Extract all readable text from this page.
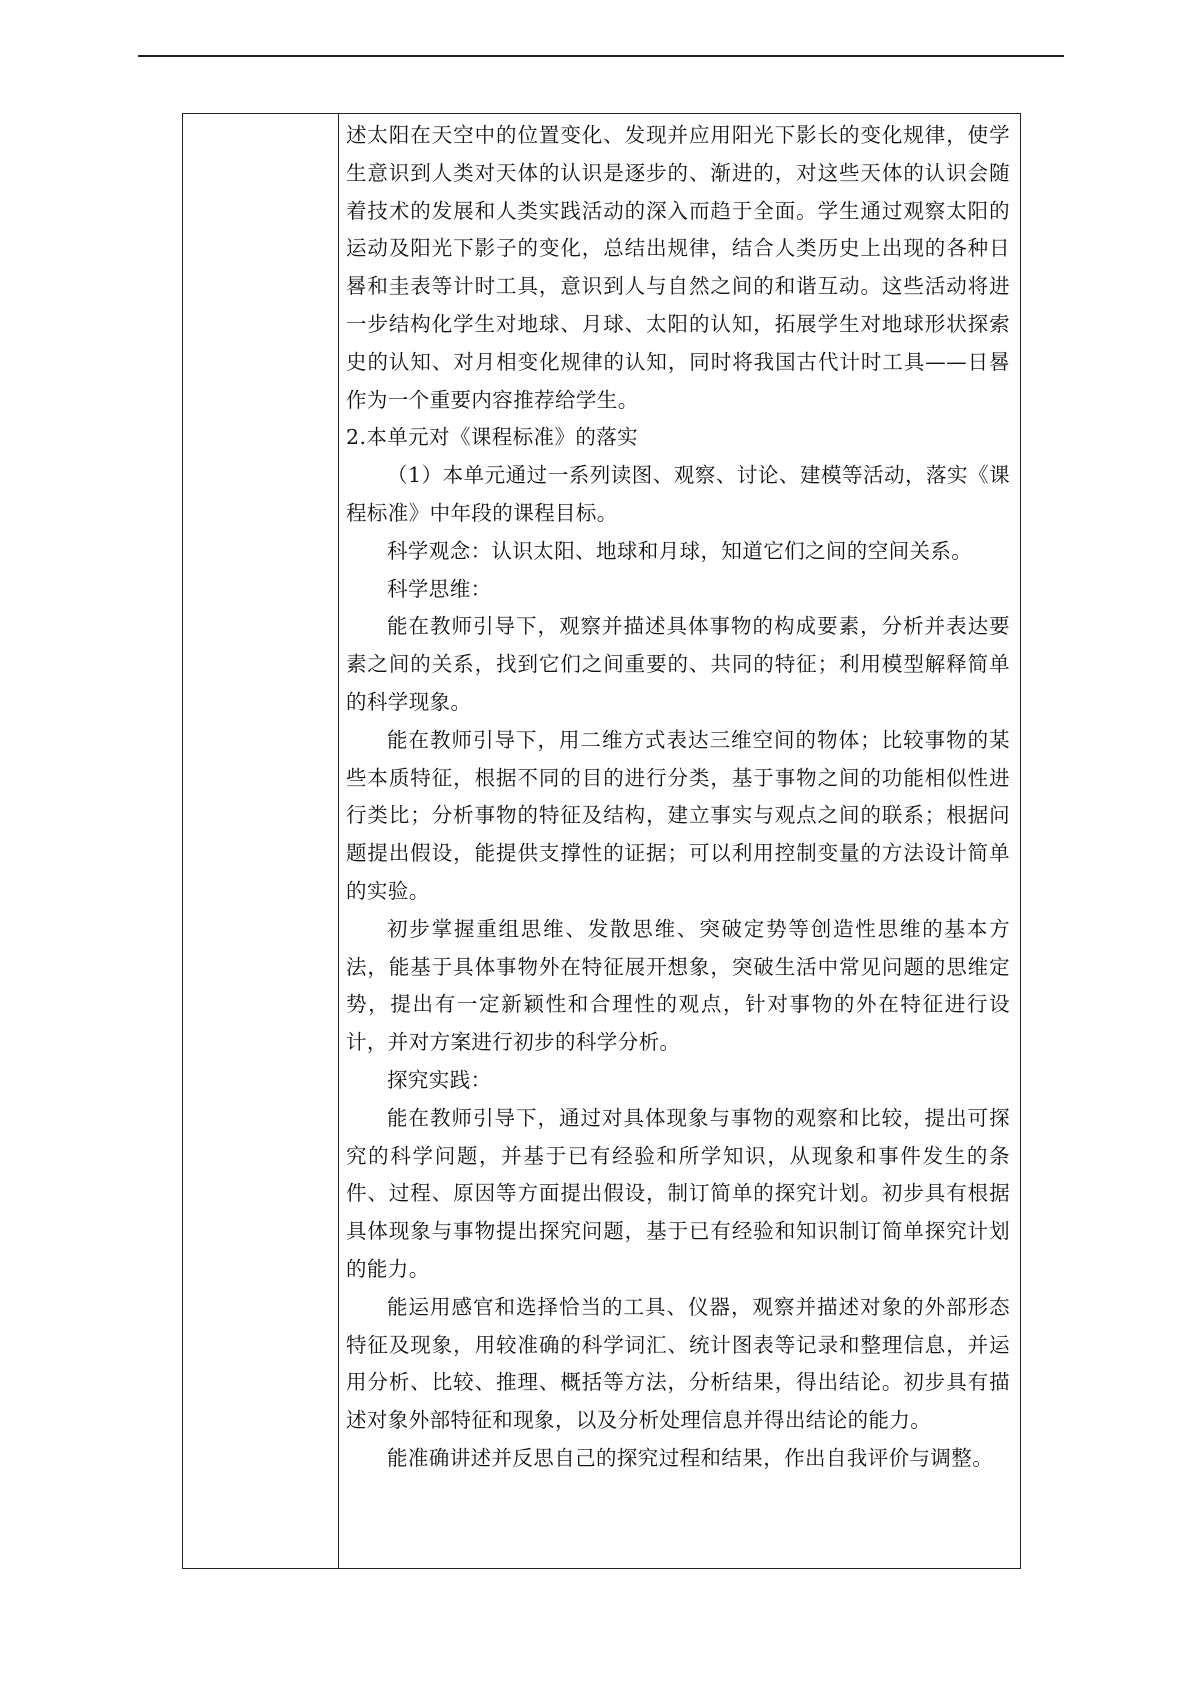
述太阳在天空中的位置变化、发现并应用阳光下影长的变化规律，使学生意识到人类对天体的认识是逐步的、渐进的，对这些天体的认识会随着技术的发展和人类实践活动的深入而趋于全面。学生通过观察太阳的运动及阳光下影子的变化，总结出规律，结合人类历史上出现的各种日晷和圭表等计时工具，意识到人与自然之间的和谐互动。这些活动将进一步结构化学生对地球、月球、太阳的认知，拓展学生对地球形状探索史的认知、对月相变化规律的认知，同时将我国古代计时工具——日晷作为一个重要内容推荐给学生。

2.本单元对《课程标准》的落实

（1）本单元通过一系列读图、观察、讨论、建模等活动，落实《课程标准》中年段的课程目标。

科学观念：认识太阳、地球和月球，知道它们之间的空间关系。

科学思维：

能在教师引导下，观察并描述具体事物的构成要素，分析并表达要素之间的关系，找到它们之间重要的、共同的特征；利用模型解释简单的科学现象。

能在教师引导下，用二维方式表达三维空间的物体；比较事物的某些本质特征，根据不同的目的进行分类，基于事物之间的功能相似性进行类比；分析事物的特征及结构，建立事实与观点之间的联系；根据问题提出假设，能提供支撑性的证据；可以利用控制变量的方法设计简单的实验。

初步掌握重组思维、发散思维、突破定势等创造性思维的基本方法，能基于具体事物外在特征展开想象，突破生活中常见问题的思维定势，提出有一定新颖性和合理性的观点，针对事物的外在特征进行设计，并对方案进行初步的科学分析。

探究实践：

能在教师引导下，通过对具体现象与事物的观察和比较，提出可探究的科学问题，并基于已有经验和所学知识，从现象和事件发生的条件、过程、原因等方面提出假设，制订简单的探究计划。初步具有根据具体现象与事物提出探究问题，基于已有经验和知识制订简单探究计划的能力。

能运用感官和选择恰当的工具、仪器，观察并描述对象的外部形态特征及现象，用较准确的科学词汇、统计图表等记录和整理信息，并运用分析、比较、推理、概括等方法，分析结果，得出结论。初步具有描述对象外部特征和现象，以及分析处理信息并得出结论的能力。

能准确讲述并反思自己的探究过程和结果，作出自我评价与调整。
